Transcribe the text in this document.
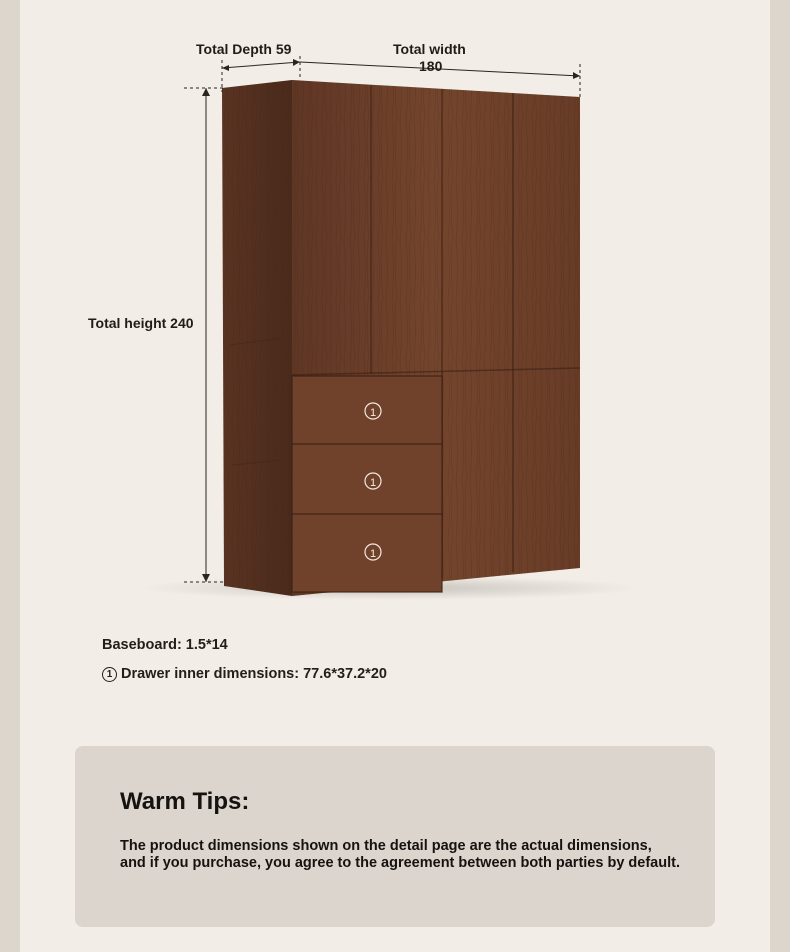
1
1
1
Total Depth 59	Total width
180
Total height 240
Baseboard: 1.5*14
1 Drawer inner dimensions: 77.6*37.2*20
Warm Tips:
The product dimensions shown on the detail page are the actual dimensions, and if you purchase, you agree to the agreement between both parties by default.
